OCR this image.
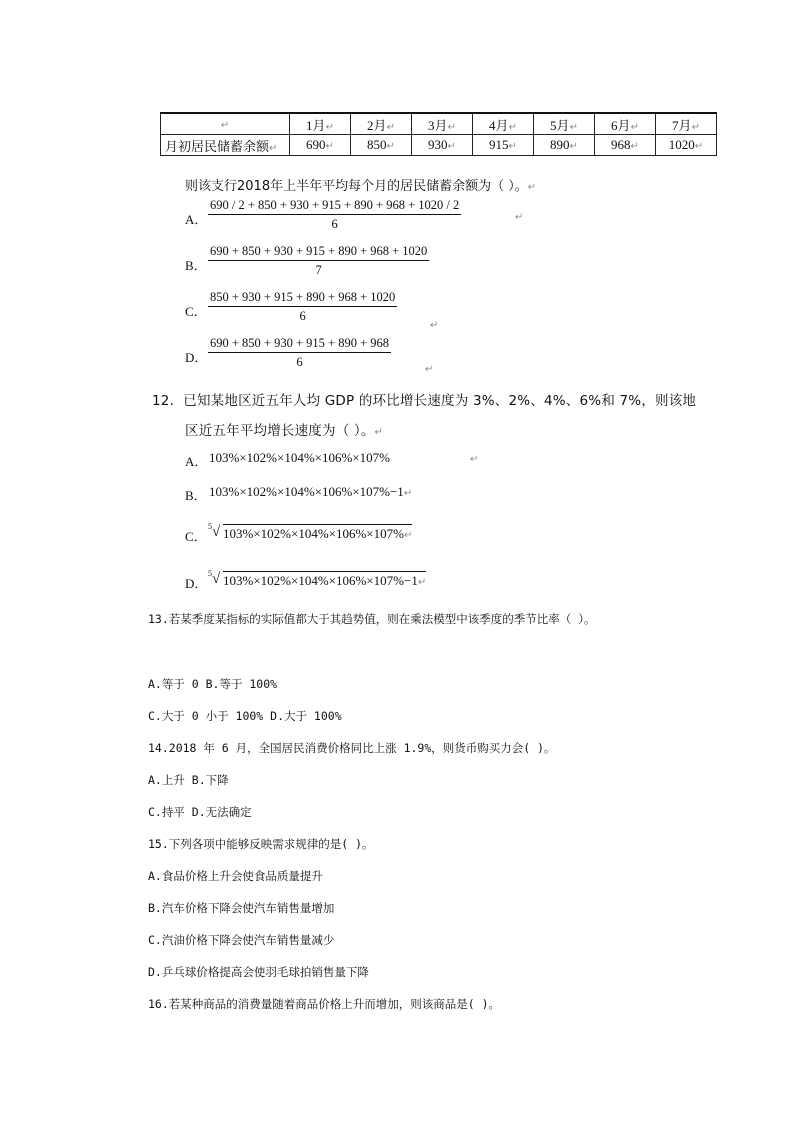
↵	1月↵	2月↵	3月↵	4月↵	5月↵	6月↵	7月↵
月初居民储蓄余额↵	690↵	850↵	930↵	915↵	890↵	968↵	1020↵
则该支行2018年上半年平均每个月的居民储蓄余额为（ ）。↵
A． $\frac{690 / 2 + 850 + 930 + 915 + 890 + 968 + 1020 / 2}{6}$	↵
B． $\frac{690 + 850 + 930 + 915 + 890 + 968 + 1020}{7}$
C． $\frac{850 + 930 + 915 + 890 + 968 + 1020}{6}$
↵
D． $\frac{690 + 850 + 930 + 915 + 890 + 968}{6}$	↵
12．已知某地区近五年人均 GDP 的环比增长速度为 3%、2%、4%、6%和 7%，则该地
区近五年平均增长速度为（ ）。↵
A． 103%×102%×104%×106%×107%	↵
B． 103%×102%×104%×106%×107%−1↵
C．
5 √ 103%×102%×104%×106%×107%↵
D．
5 √ 103%×102%×104%×106%×107%−1↵
13.若某季度某指标的实际值都大于其趋势值，则在乘法模型中该季度的季节比率（ ）。
A.等于 0 B.等于 100%
C.大于 0 小于 100% D.大于 100%
14.2018 年 6 月，全国居民消费价格同比上涨 1.9%，则货币购买力会( )。
A.上升 B.下降
C.持平 D.无法确定
15.下列各项中能够反映需求规律的是( )。
A.食品价格上升会使食品质量提升
B.汽车价格下降会使汽车销售量增加
C.汽油价格下降会使汽车销售量减少
D.乒乓球价格提高会使羽毛球拍销售量下降
16.若某种商品的消费量随着商品价格上升而增加，则该商品是( )。
